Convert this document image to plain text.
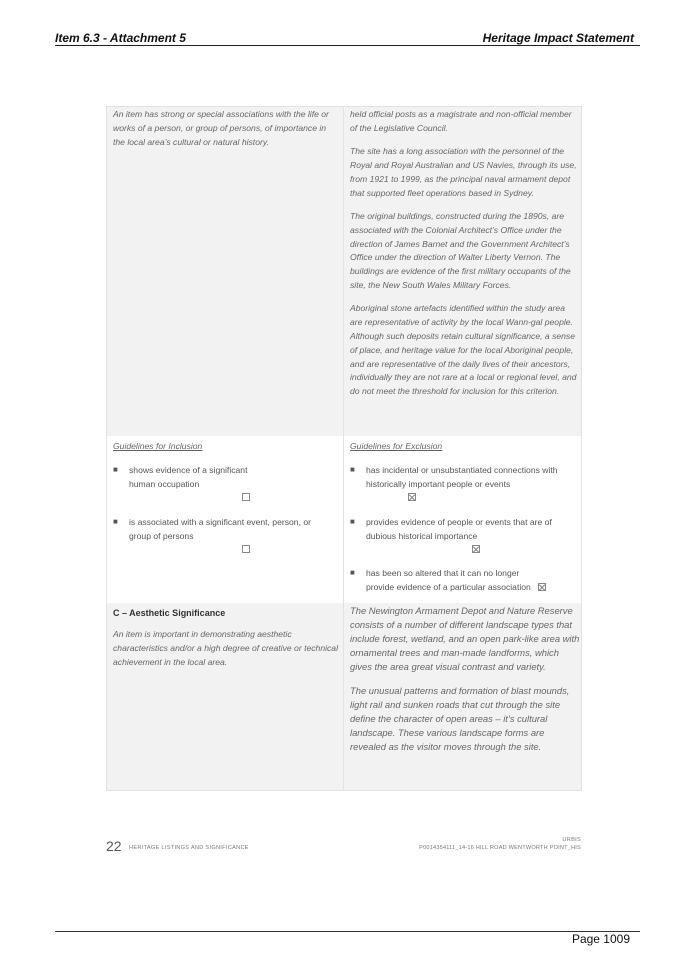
Item 6.3 - Attachment 5	Heritage Impact Statement
An item has strong or special associations with the life or works of a person, or group of persons, of importance in the local area’s cultural or natural history.
held official posts as a magistrate and non-official member of the Legislative Council.
The site has a long association with the personnel of the Royal and Royal Australian and US Navies, through its use, from 1921 to 1999, as the principal naval armament depot that supported fleet operations based in Sydney.
The original buildings, constructed during the 1890s, are associated with the Colonial Architect’s Office under the direction of James Barnet and the Government Architect’s Office under the direction of Walter Liberty Vernon. The buildings are evidence of the first military occupants of the site, the New South Wales Military Forces.
Aboriginal stone artefacts identified within the study area are representative of activity by the local Wann-gal people. Although such deposits retain cultural significance, a sense of place, and heritage value for the local Aboriginal people, and are representative of the daily lives of their ancestors, individually they are not rare at a local or regional level, and do not meet the threshold for inclusion for this criterion.
Guidelines for Inclusion
■ shows evidence of a significant human occupation
■ is associated with a significant event, person, or group of persons
Guidelines for Exclusion
■ has incidental or unsubstantiated connections with historically important people or events
■ provides evidence of people or events that are of dubious historical importance
■ has been so altered that it can no longer provide evidence of a particular association
C – Aesthetic Significance
An item is important in demonstrating aesthetic characteristics and/or a high degree of creative or technical achievement in the local area.
The Newington Armament Depot and Nature Reserve consists of a number of different landscape types that include forest, wetland, and an open park-like area with ornamental trees and man-made landforms, which gives the area great visual contrast and variety.
The unusual patterns and formation of blast mounds, light rail and sunken roads that cut through the site define the character of open areas – it’s cultural landscape. These various landscape forms are revealed as the visitor moves through the site.
22 HERITAGE LISTINGS AND SIGNIFICANCE
URBIS
P0014354111_14-16 HILL ROAD WENTWORTH POINT_HIS
Page 1009
